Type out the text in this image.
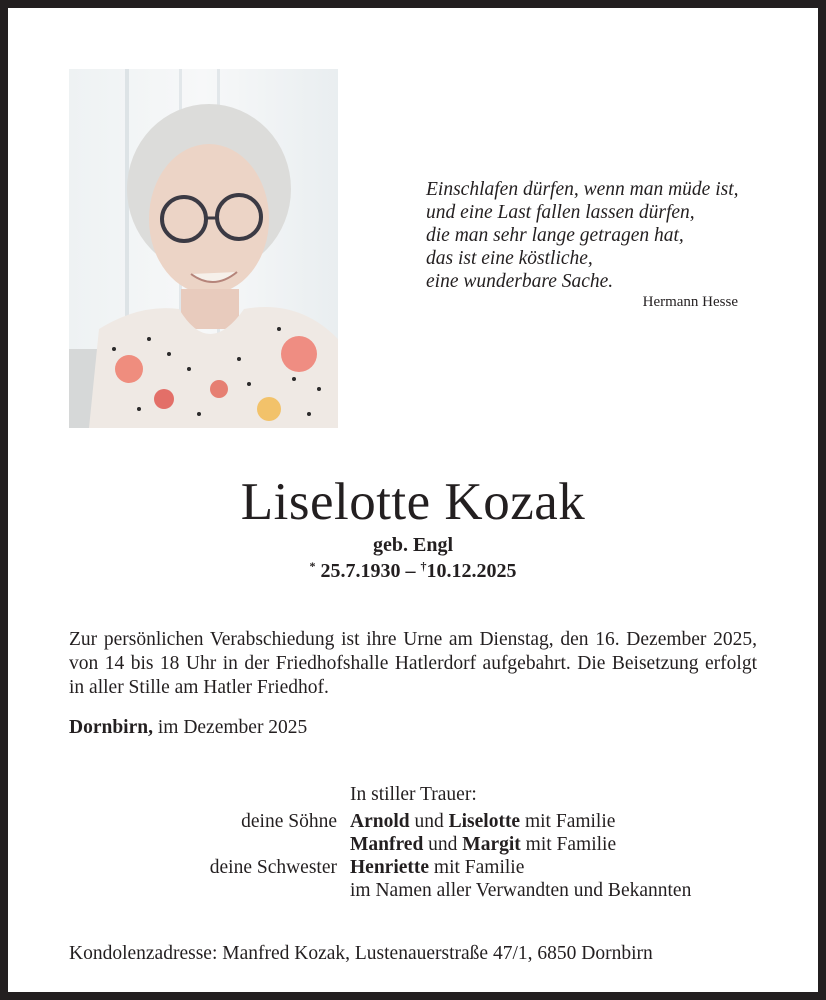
Einschlafen dürfen, wenn man müde ist,
und eine Last fallen lassen dürfen,
die man sehr lange getragen hat,
das ist eine köstliche,
eine wunderbare Sache.
Hermann Hesse
Liselotte Kozak
geb. Engl
* 25.7.1930 – †10.12.2025
Zur persönlichen Verabschiedung ist ihre Urne am Dienstag, den 16. Dezember 2025, von 14 bis 18 Uhr in der Friedhofshalle Hatlerdorf aufgebahrt. Die Beisetzung erfolgt in aller Stille am Hatler Friedhof.
Dornbirn, im Dezember 2025
In stiller Trauer:
deine Söhne Arnold und Liselotte mit Familie
Manfred und Margit mit Familie
deine Schwester Henriette mit Familie
im Namen aller Verwandten und Bekannten
Kondolenzadresse: Manfred Kozak, Lustenauerstraße 47/1, 6850 Dornbirn
